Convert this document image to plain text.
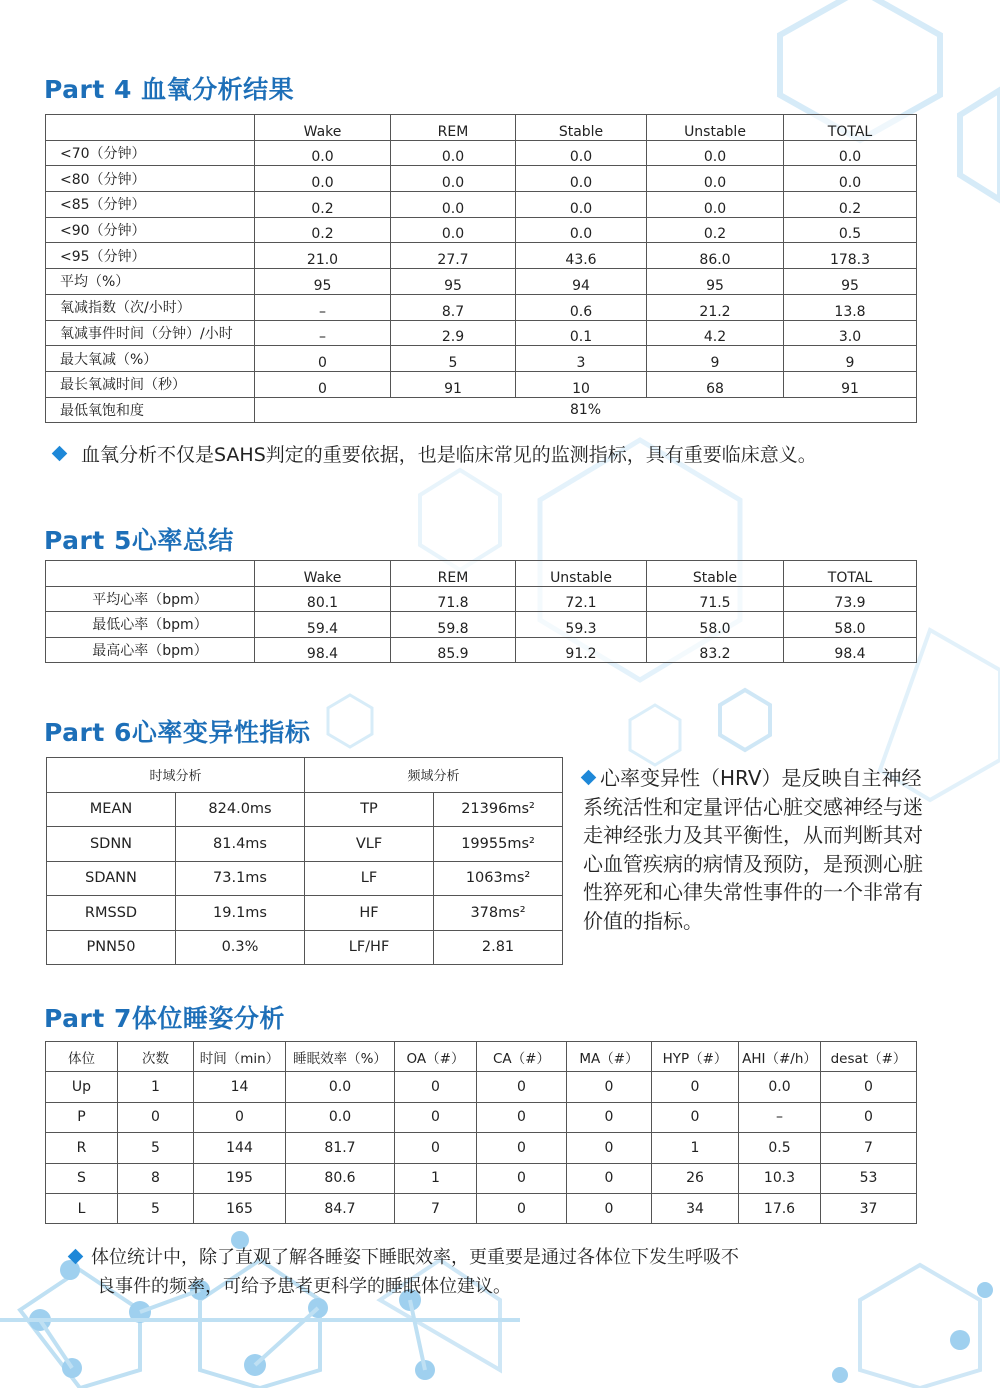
Part 4 血氧分析结果
	Wake	REM	Stable	Unstable	TOTAL
<70（分钟）	0.0	0.0	0.0	0.0	0.0
<80（分钟）	0.0	0.0	0.0	0.0	0.0
<85（分钟）	0.2	0.0	0.0	0.0	0.2
<90（分钟）	0.2	0.0	0.0	0.2	0.5
<95（分钟）	21.0	27.7	43.6	86.0	178.3
平均（%）	95	95	94	95	95
氧减指数（次/小时）	–	8.7	0.6	21.2	13.8
氧减事件时间（分钟）/小时	–	2.9	0.1	4.2	3.0
最大氧减（%）	0	5	3	9	9
最长氧减时间（秒）	0	91	10	68	91
最低氧饱和度	81%				

血氧分析不仅是SAHS判定的重要依据，也是临床常见的监测指标，具有重要临床意义。

Part 5心率总结
	Wake	REM	Unstable	Stable	TOTAL
平均心率（bpm）	80.1	71.8	72.1	71.5	73.9
最低心率（bpm）	59.4	59.8	59.3	58.0	58.0
最高心率（bpm）	98.4	85.9	91.2	83.2	98.4
Part 6心率变异性指标
时域分析		频域分析	
MEAN	824.0ms	TP	21396ms²
SDNN	81.4ms	VLF	19955ms²
SDANN	73.1ms	LF	1063ms²
RMSSD	19.1ms	HF	378ms²
PNN50	0.3%	LF/HF	2.81

心率变异性（HRV）是反映自主神经系统活性和定量评估心脏交感神经与迷走神经张力及其平衡性，从而判断其对心血管疾病的病情及预防，是预测心脏性猝死和心律失常性事件的一个非常有价值的指标。

Part 7体位睡姿分析
体位	次数	时间（min）	睡眠效率（%）	OA（#）	CA（#）	MA（#）	HYP（#）	AHI（#/h）	desat（#）
Up	1	14	0.0	0	0	0	0	0.0	0
P	0	0	0.0	0	0	0	0	–	0
R	5	144	81.7	0	0	0	1	0.5	7
S	8	195	80.6	1	0	0	26	10.3	53
L	5	165	84.7	7	0	0	34	17.6	37

体位统计中，除了直观了解各睡姿下睡眠效率，更重要是通过各体位下发生呼吸不
良事件的频率，可给予患者更科学的睡眠体位建议。
